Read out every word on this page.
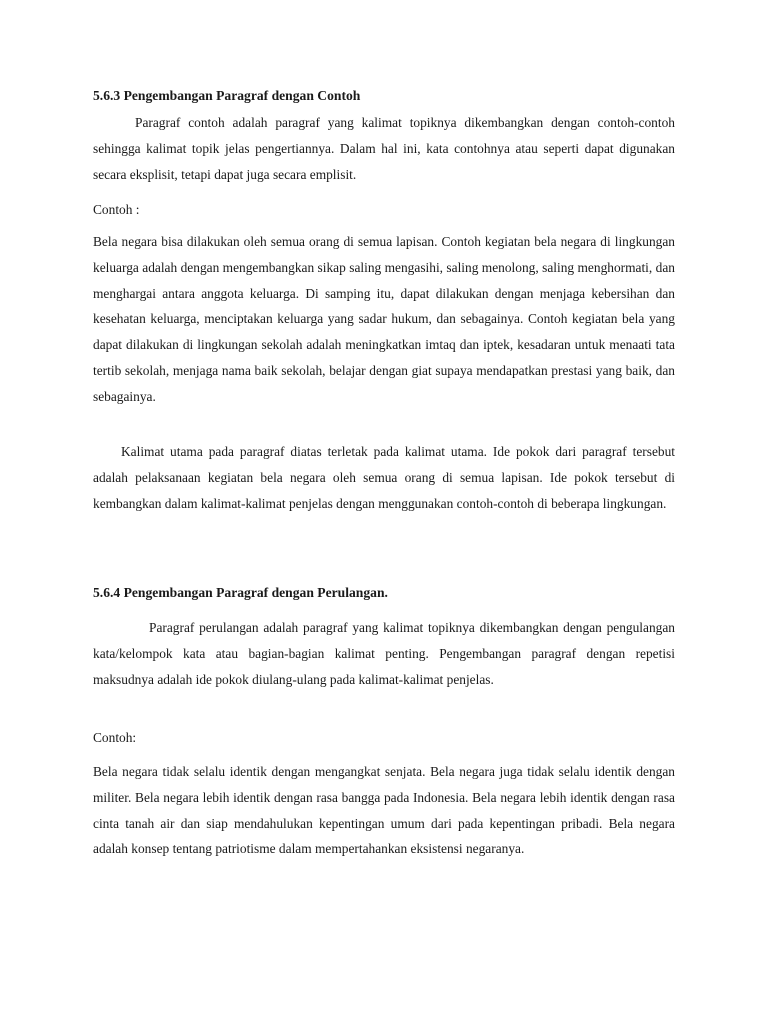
5.6.3 Pengembangan Paragraf dengan Contoh
Paragraf contoh adalah paragraf yang kalimat topiknya dikembangkan dengan contoh-contoh sehingga kalimat topik jelas pengertiannya. Dalam hal ini, kata contohnya atau seperti dapat digunakan secara eksplisit, tetapi dapat juga secara emplisit.
Contoh :
Bela negara bisa dilakukan oleh semua orang di semua lapisan. Contoh kegiatan bela negara di lingkungan keluarga adalah dengan mengembangkan sikap saling mengasihi, saling menolong, saling menghormati, dan menghargai antara anggota keluarga. Di samping itu, dapat dilakukan dengan menjaga kebersihan dan kesehatan keluarga, menciptakan keluarga yang sadar hukum, dan sebagainya. Contoh kegiatan bela yang dapat dilakukan di lingkungan sekolah adalah meningkatkan imtaq dan iptek, kesadaran untuk menaati tata tertib sekolah, menjaga nama baik sekolah, belajar dengan giat supaya mendapatkan prestasi yang baik, dan sebagainya.
Kalimat utama pada paragraf diatas terletak pada kalimat utama. Ide pokok dari paragraf tersebut adalah pelaksanaan kegiatan bela negara oleh semua orang di semua lapisan. Ide pokok tersebut di kembangkan dalam kalimat-kalimat penjelas dengan menggunakan contoh-contoh di beberapa lingkungan.
5.6.4 Pengembangan Paragraf dengan Perulangan.
Paragraf perulangan adalah paragraf yang kalimat topiknya dikembangkan dengan pengulangan kata/kelompok kata atau bagian-bagian kalimat penting. Pengembangan paragraf dengan repetisi maksudnya adalah ide pokok diulang-ulang pada kalimat-kalimat penjelas.
Contoh:
Bela negara tidak selalu identik dengan mengangkat senjata. Bela negara juga tidak selalu identik dengan militer. Bela negara lebih identik dengan rasa bangga pada Indonesia. Bela negara lebih identik dengan rasa cinta tanah air dan siap mendahulukan kepentingan umum dari pada kepentingan pribadi. Bela negara adalah konsep tentang patriotisme dalam mempertahankan eksistensi negaranya.
